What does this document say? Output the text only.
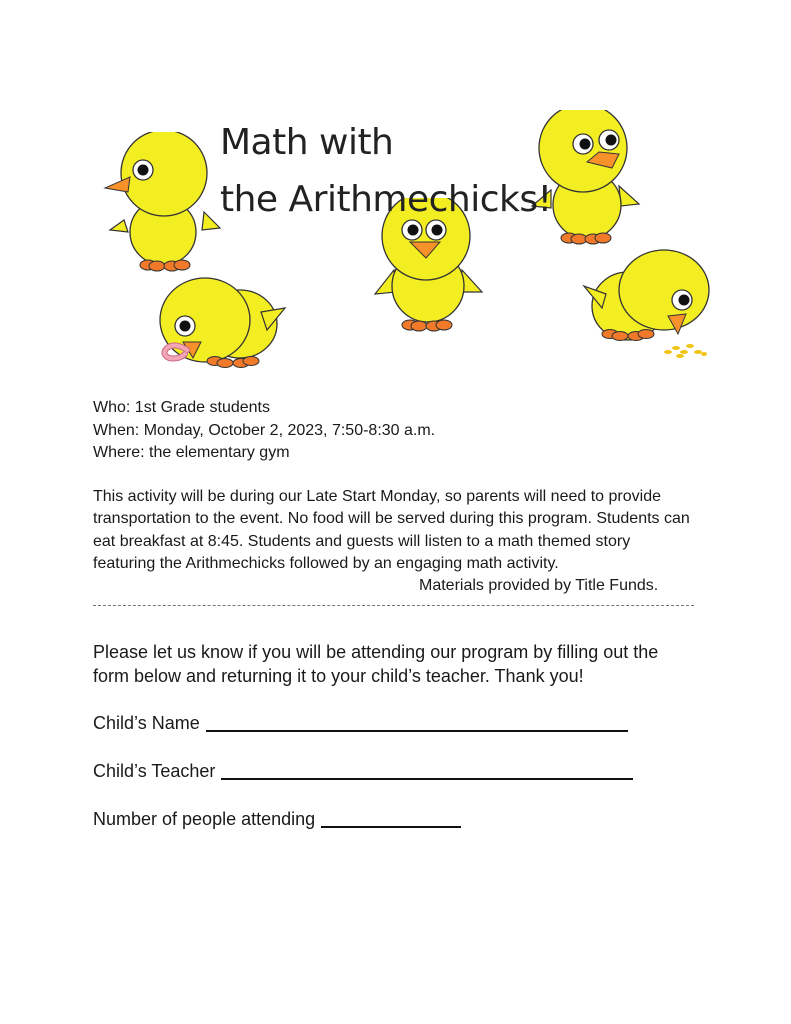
Math with
the Arithmechicks!
Who: 1st Grade students
When: Monday, October 2, 2023, 7:50-8:30 a.m.
Where: the elementary gym
This activity will be during our Late Start Monday, so parents will need to provide transportation to the event. No food will be served during this program. Students can eat breakfast at 8:45. Students and guests will listen to a math themed story featuring the Arithmechicks followed by an engaging math activity.
Materials provided by Title Funds.
Please let us know if you will be attending our program by filling out the form below and returning it to your child’s teacher. Thank you!
Child’s Name
Child’s Teacher
Number of people attending
